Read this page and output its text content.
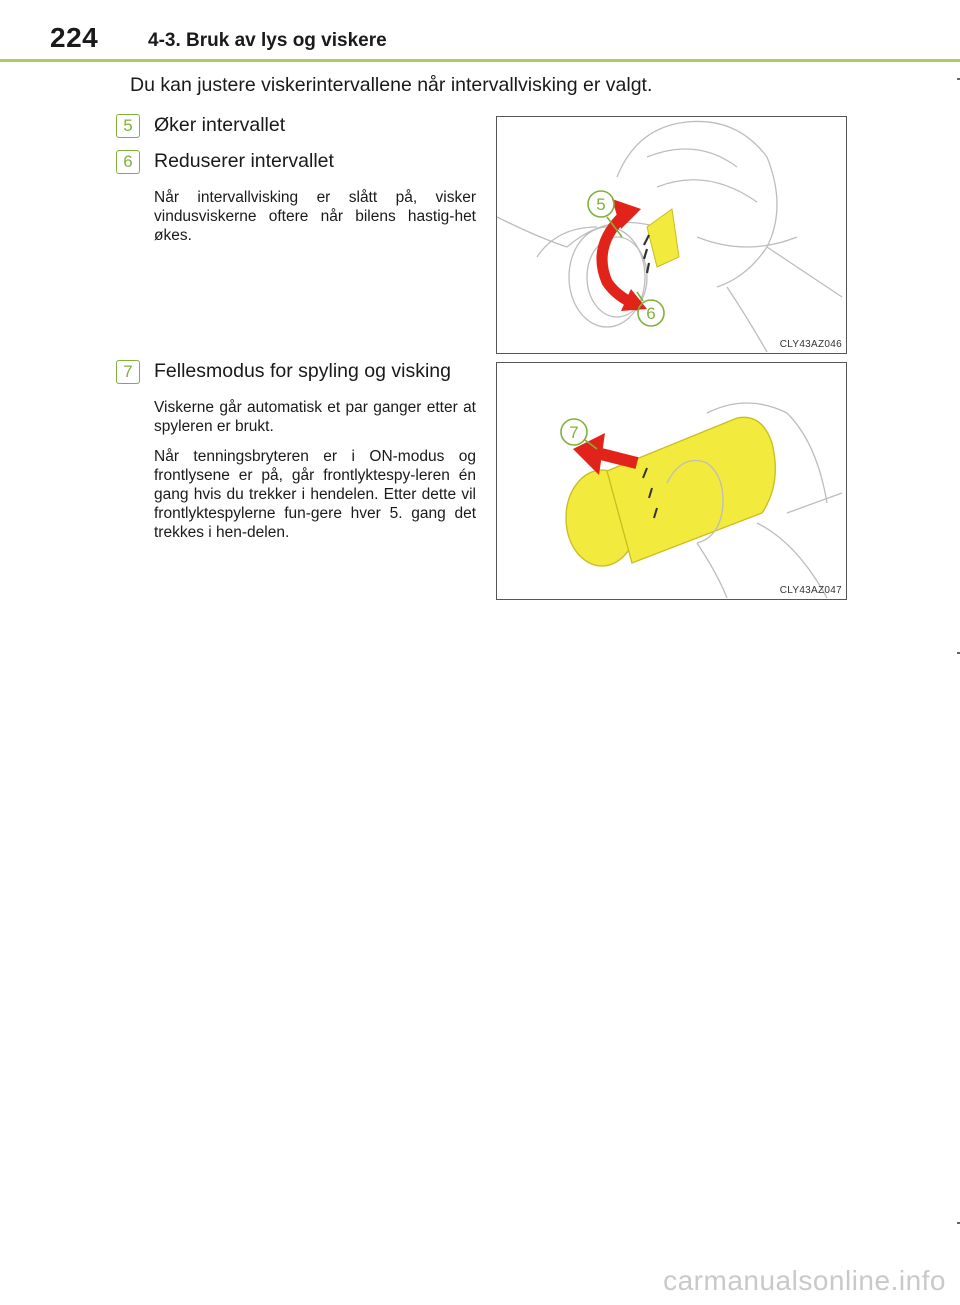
224	4-3. Bruk av lys og viskere
Du kan justere viskerintervallene når intervallvisking er valgt.
5	Øker intervallet
6	Reduserer intervallet
Når intervallvisking er slått på, visker vindusviskerne oftere når bilens hastig-het økes.
5
6
CLY43AZ046
7	Fellesmodus for spyling og visking
Viskerne går automatisk et par ganger etter at spyleren er brukt.
Når tenningsbryteren er i ON-modus og frontlysene er på, går frontlyktespy-leren én gang hvis du trekker i hendelen. Etter dette vil frontlyktespylerne fun-gere hver 5. gang det trekkes i hen-delen.
7
CLY43AZ047
carmanualsonline.info
